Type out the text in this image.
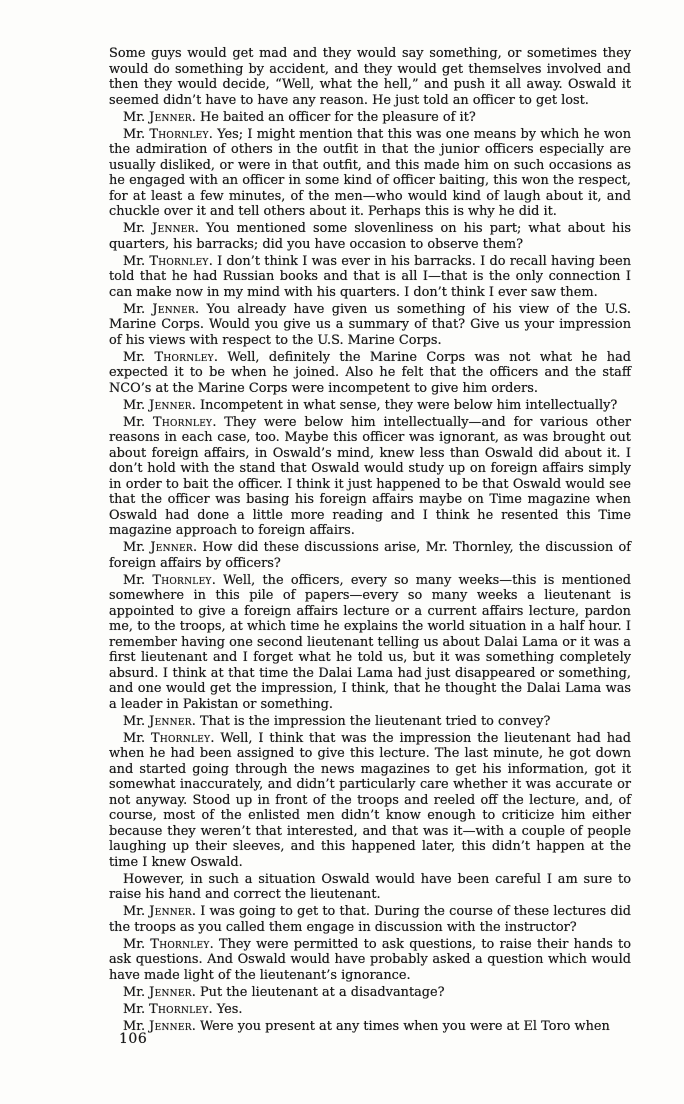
Some guys would get mad and they would say something, or sometimes they would do something by accident, and they would get themselves involved and then they would decide, “Well, what the hell,” and push it all away. Oswald it seemed didn’t have to have any reason. He just told an officer to get lost.

Mr. Jenner. He baited an officer for the pleasure of it?

Mr. Thornley. Yes; I might mention that this was one means by which he won the admiration of others in the outfit in that the junior officers especially are usually disliked, or were in that outfit, and this made him on such occasions as he engaged with an officer in some kind of officer baiting, this won the respect, for at least a few minutes, of the men—who would kind of laugh about it, and chuckle over it and tell others about it. Perhaps this is why he did it.

Mr. Jenner. You mentioned some slovenliness on his part; what about his quarters, his barracks; did you have occasion to observe them?

Mr. Thornley. I don’t think I was ever in his barracks. I do recall having been told that he had Russian books and that is all I—that is the only connection I can make now in my mind with his quarters. I don’t think I ever saw them.

Mr. Jenner. You already have given us something of his view of the U.S. Marine Corps. Would you give us a summary of that? Give us your impression of his views with respect to the U.S. Marine Corps.

Mr. Thornley. Well, definitely the Marine Corps was not what he had expected it to be when he joined. Also he felt that the officers and the staff NCO’s at the Marine Corps were incompetent to give him orders.

Mr. Jenner. Incompetent in what sense, they were below him intellectually?

Mr. Thornley. They were below him intellectually—and for various other reasons in each case, too. Maybe this officer was ignorant, as was brought out about foreign affairs, in Oswald’s mind, knew less than Oswald did about it. I don’t hold with the stand that Oswald would study up on foreign affairs simply in order to bait the officer. I think it just happened to be that Oswald would see that the officer was basing his foreign affairs maybe on Time magazine when Oswald had done a little more reading and I think he resented this Time magazine approach to foreign affairs.

Mr. Jenner. How did these discussions arise, Mr. Thornley, the discussion of foreign affairs by officers?

Mr. Thornley. Well, the officers, every so many weeks—this is mentioned somewhere in this pile of papers—every so many weeks a lieutenant is appointed to give a foreign affairs lecture or a current affairs lecture, pardon me, to the troops, at which time he explains the world situation in a half hour. I remember having one second lieutenant telling us about Dalai Lama or it was a first lieutenant and I forget what he told us, but it was something completely absurd. I think at that time the Dalai Lama had just disappeared or something, and one would get the impression, I think, that he thought the Dalai Lama was a leader in Pakistan or something.

Mr. Jenner. That is the impression the lieutenant tried to convey?

Mr. Thornley. Well, I think that was the impression the lieutenant had had when he had been assigned to give this lecture. The last minute, he got down and started going through the news magazines to get his information, got it somewhat inaccurately, and didn’t particularly care whether it was accurate or not anyway. Stood up in front of the troops and reeled off the lecture, and, of course, most of the enlisted men didn’t know enough to criticize him either because they weren’t that interested, and that was it—with a couple of people laughing up their sleeves, and this happened later, this didn’t happen at the time I knew Oswald.

However, in such a situation Oswald would have been careful I am sure to raise his hand and correct the lieutenant.

Mr. Jenner. I was going to get to that. During the course of these lectures did the troops as you called them engage in discussion with the instructor?

Mr. Thornley. They were permitted to ask questions, to raise their hands to ask questions. And Oswald would have probably asked a question which would have made light of the lieutenant’s ignorance.

Mr. Jenner. Put the lieutenant at a disadvantage?

Mr. Thornley. Yes.

Mr. Jenner. Were you present at any times when you were at El Toro when

106
